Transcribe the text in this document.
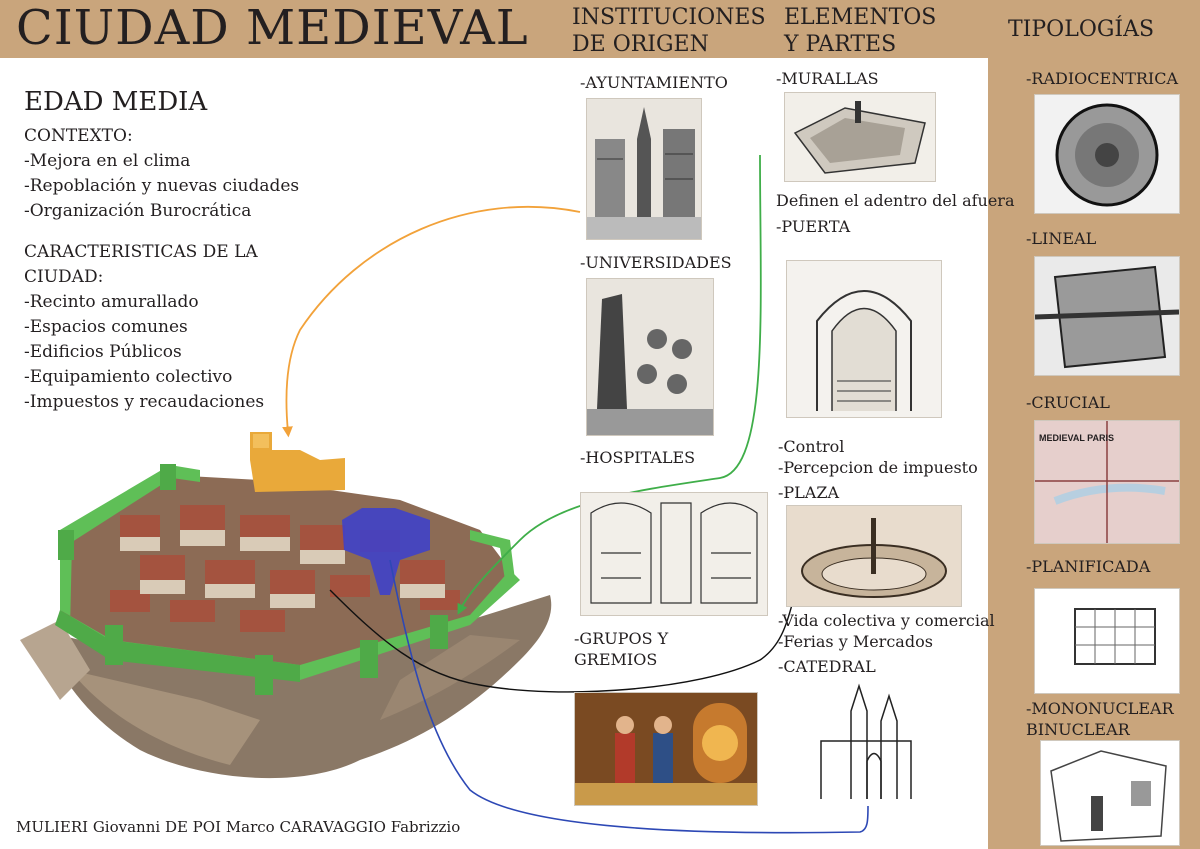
CIUDAD MEDIEVAL INSTITUCIONES
DE ORIGEN
ELEMENTOS
Y PARTES
TIPOLOGÍAS
EDAD MEDIA
CONTEXTO:
-Mejora en el clima
-Repoblación y nuevas ciudades
-Organización Burocrática
CARACTERISTICAS DE LA
CIUDAD:
-Recinto amurallado
-Espacios comunes
-Edificios Públicos
-Equipamiento colectivo
-Impuestos y recaudaciones
-AYUNTAMIENTO
-UNIVERSIDADES
-HOSPITALES
-GRUPOS Y
GREMIOS
-MURALLAS
Definen el adentro del afuera
-PUERTA
-Control
-Percepcion de impuesto
-PLAZA
-Vida colectiva y comercial
-Ferias y Mercados
-CATEDRAL
-RADIOCENTRICA
-LINEAL
-CRUCIAL
MEDIEVAL PARIS
-PLANIFICADA
-MONONUCLEAR
BINUCLEAR
MULIERI Giovanni DE POI Marco CARAVAGGIO Fabrizzio
